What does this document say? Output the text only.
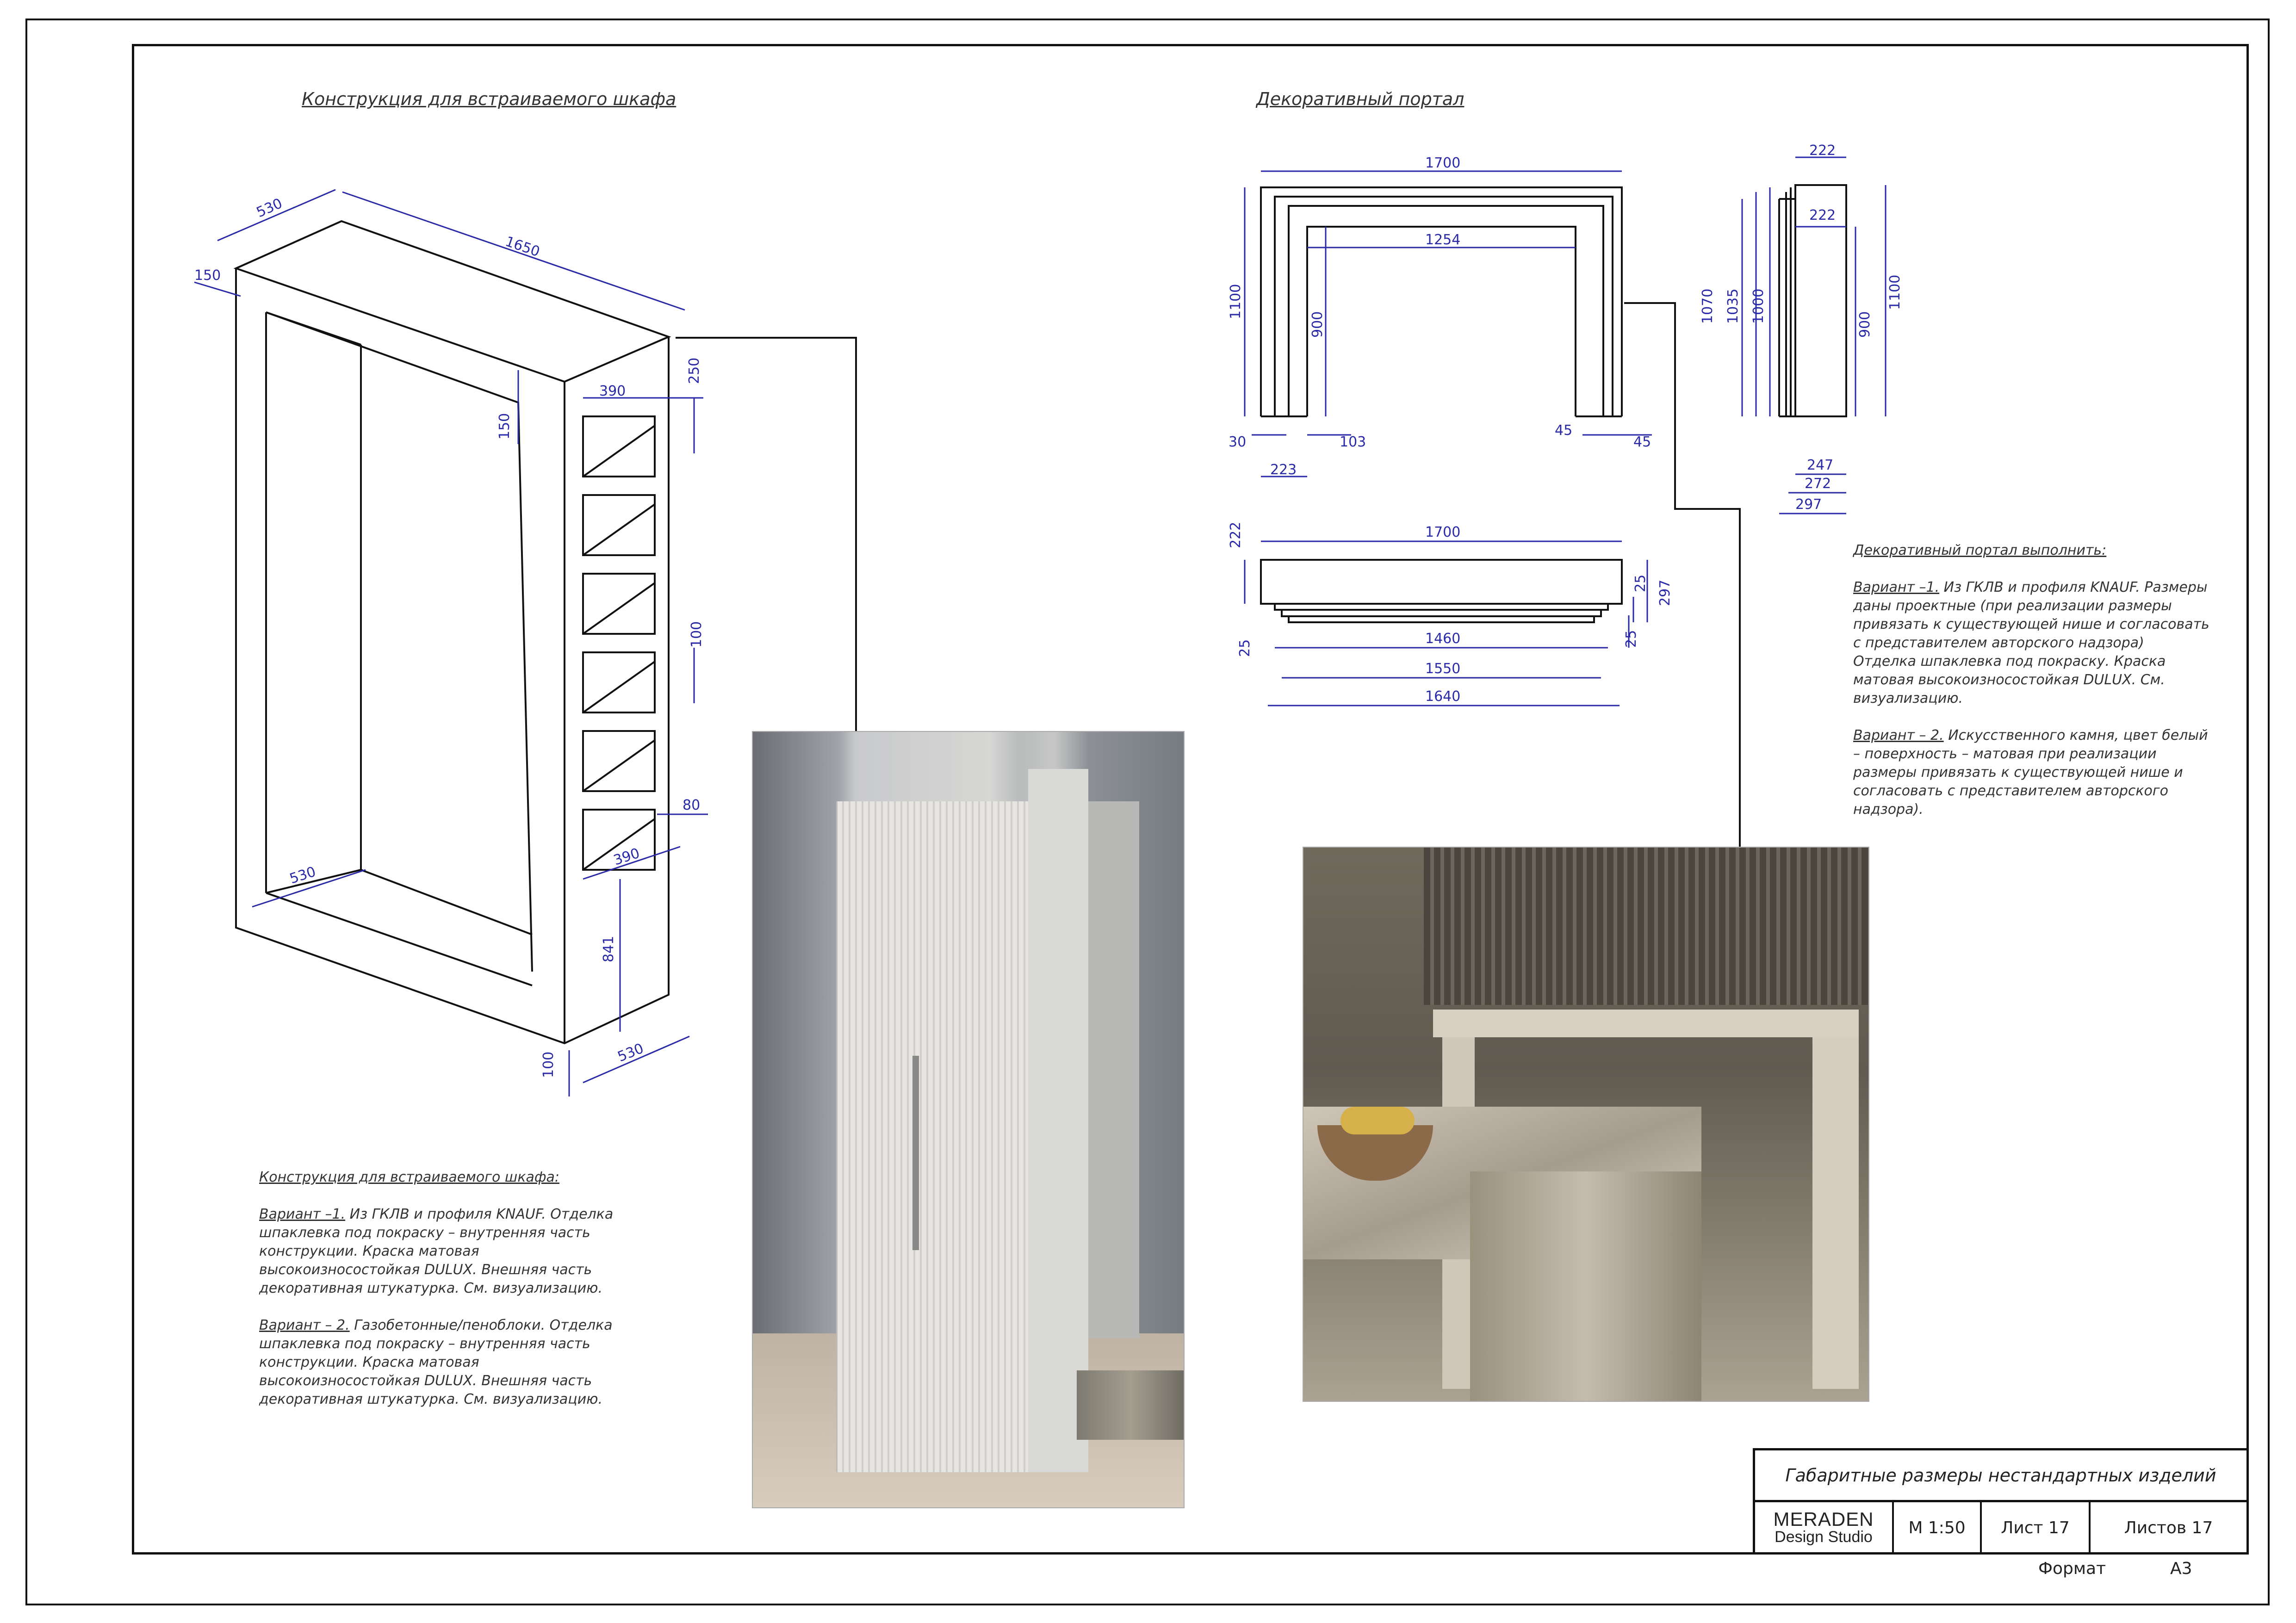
Конструкция для встраиваемого шкафа
530
1650
150
150
390
250
100
80
390
530
841
530
100

Конструкция для встраиваемого шкафа:

Вариант –1. Из ГКЛВ и профиля KNAUF. Отделка шпаклевка под покраску – внутренняя часть конструкции. Краска матовая высокоизносостойкая DULUX. Внешняя часть декоративная штукатурка. См. визуализацию.

Вариант – 2. Газобетонные/пеноблоки. Отделка шпаклевка под покраску – внутренняя часть конструкции. Краска матовая высокоизносостойкая DULUX. Внешняя часть декоративная штукатурка. См. визуализацию.

Декоративный портал
1700
1100
1254
900
30	103
223
45
45
222
222
1070 1035 1000
900
1100
247
272
297
1700
222
25
25
25
297
1460
1550
1640

Декоративный портал выполнить:

Вариант –1. Из ГКЛВ и профиля KNAUF. Размеры даны проектные (при реализации размеры привязать к существующей нише и согласовать с представителем авторского надзора) Отделка шпаклевка под покраску. Краска матовая высокоизносостойкая DULUX. См. визуализацию.

Вариант – 2. Искусственного камня, цвет белый – поверхность – матовая при реализации размеры привязать к существующей нише и согласовать с представителем авторского надзора).

Габаритные размеры нестандартных изделий
MERADEN
Design Studio	М 1:50	Лист 17	Листов 17
Формат	А3
